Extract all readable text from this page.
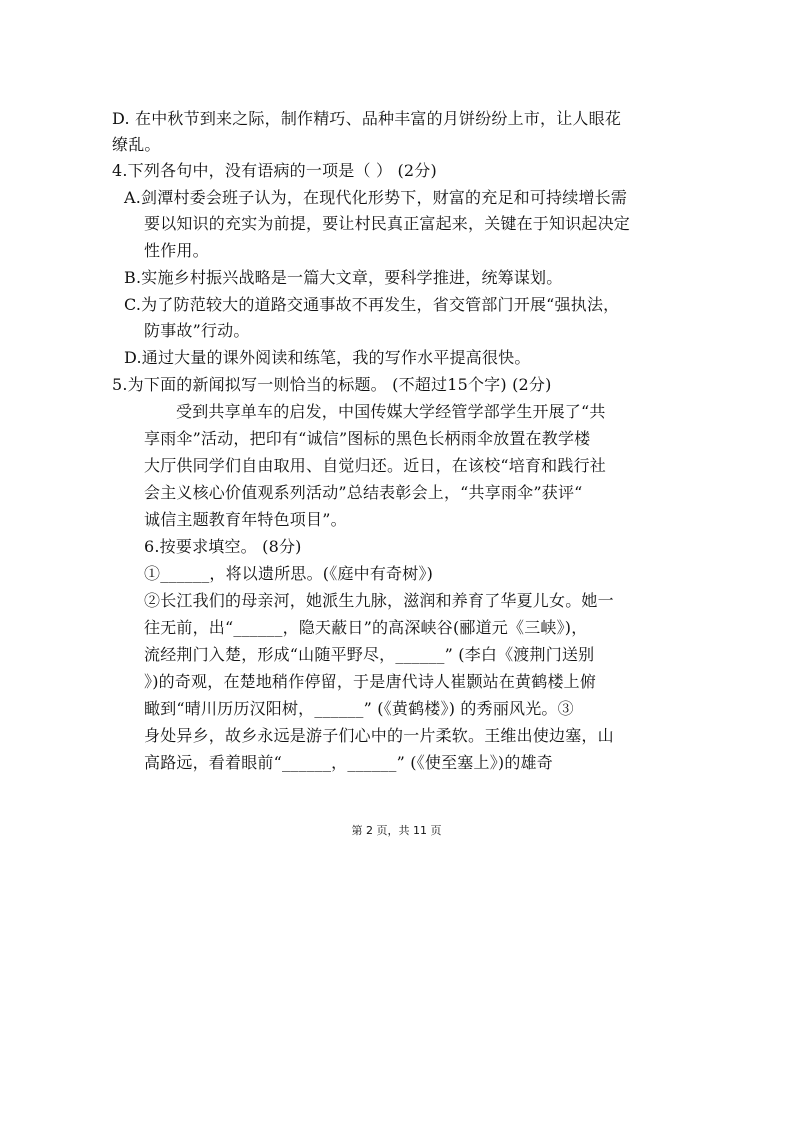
D. 在中秋节到来之际，制作精巧、品种丰富的月饼纷纷上市，让人眼花
缭乱。
4.下列各句中，没有语病的一项是（ ） (2分)
A.剑潭村委会班子认为，在现代化形势下，财富的充足和可持续增长需
要以知识的充实为前提，要让村民真正富起来，关键在于知识起决定
性作用。
B.实施乡村振兴战略是一篇大文章，要科学推进，统筹谋划。
C.为了防范较大的道路交通事故不再发生，省交管部门开展“强执法，
防事故”行动。
D.通过大量的课外阅读和练笔，我的写作水平提高很快。
5.为下面的新闻拟写一则恰当的标题。 (不超过15个字) (2分)
受到共享单车的启发，中国传媒大学经管学部学生开展了“共
享雨伞”活动，把印有“诚信”图标的黑色长柄雨伞放置在教学楼
大厅供同学们自由取用、自觉归还。近日，在该校“培育和践行社
会主义核心价值观系列活动”总结表彰会上，“共享雨伞”获评“
诚信主题教育年特色项目”。
6.按要求填空。 (8分)
①______，将以遗所思。(《庭中有奇树》)
②长江我们的母亲河，她派生九脉，滋润和养育了华夏儿女。她一
往无前，出“______，隐天蔽日”的高深峡谷(郦道元《三峡》)，
流经荆门入楚，形成“山随平野尽，______” (李白《渡荆门送别
》)的奇观，在楚地稍作停留，于是唐代诗人崔颢站在黄鹤楼上俯
瞰到“晴川历历汉阳树，______” (《黄鹤楼》) 的秀丽风光。③
身处异乡，故乡永远是游子们心中的一片柔软。王维出使边塞，山
高路远，看着眼前“______，______” (《使至塞上》)的雄奇
第 2 页，共 11 页
